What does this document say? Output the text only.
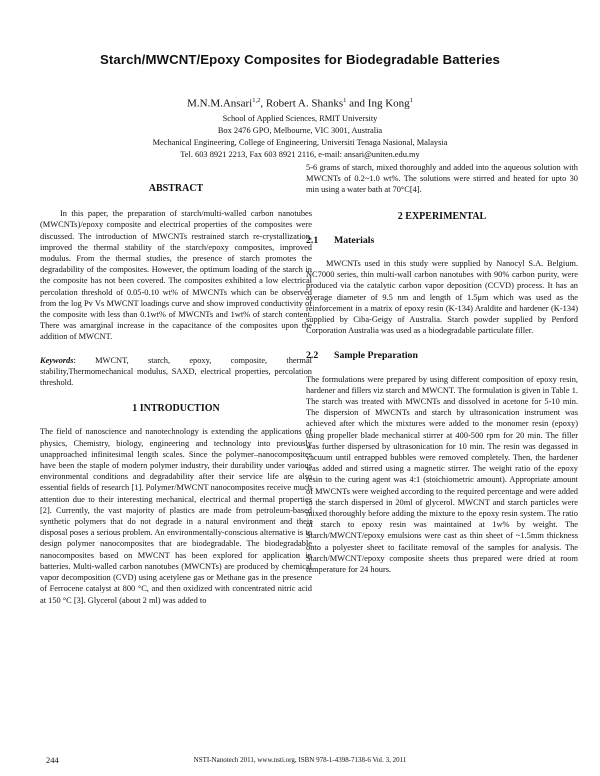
Starch/MWCNT/Epoxy Composites for Biodegradable Batteries
M.N.M.Ansari$^{1,2}$, Robert A. Shanks$^1$ and Ing Kong$^1$
School of Applied Sciences, RMIT University
Box 2476 GPO, Melbourne, VIC 3001, Australia
Mechanical Engineering, College of Engineering, Universiti Tenaga Nasional, Malaysia
Tel. 603 8921 2213, Fax 603 8921 2116, e-mail: ansari@uniten.edu.my

ABSTRACT

In this paper, the preparation of starch/multi-walled carbon nanotubes (MWCNTs)/epoxy composite and electrical properties of the composites were discussed. The introduction of MWCNTs restrained starch re-crystallization, improved the thermal stability of the starch/epoxy composites, improved modulus. From the thermal studies, the presence of starch promotes the degradability of the composites. However, the optimum loading of the starch in the composite has not been covered. The composites exhibited a low electrical percolation threshold of 0.05-0.10 wt% of MWCNTs which can be observed from the log Pv Vs MWCNT loadings curve and show improved conductivity of the composite with less than 0.1wt% of MWCNTs and 1wt% of starch content. There was amarginal increase in the capacitance of the composites upon the addition of MWCNT.

Keywords: MWCNT, starch, epoxy, composite, thermal stability,Thermomechanical modulus, SAXD, electrical properties, percolation threshold.

1 INTRODUCTION

The field of nanoscience and nanotechnology is extending the applications of physics, Chemistry, biology, engineering and technology into previously unapproached infinitesimal length scales. Since the polymer–nanocomposites have been the staple of modern polymer industry, their durability under various environmental conditions and degradability after their service life are also essential fields of research [1]. Polymer/MWCNT nanocomposites receive much attention due to their interesting mechanical, electrical and thermal properties [2]. Currently, the vast majority of plastics are made from petroleum-based synthetic polymers that do not degrade in a natural environment and their disposal poses a serious problem. An environmentally-conscious alternative is to design polymer nanocomposites that are biodegradable. The biodegradable nanocomposites based on MWCNT has been explored for application in batteries. Multi-walled carbon nanotubes (MWCNTs) are produced by chemical vapor decomposition (CVD) using acetylene gas or Methane gas in the presence of Ferrocene catalyst at 800 °C, and then oxidized with concentrated nitric acid at 150 °C [3]. Glycerol (about 2 ml) was added to

5-6 grams of starch, mixed thoroughly and added into the aqueous solution with MWCNTs of 0.2~1.0 wt%. The solutions were stirred and heated for upto 30 min using a water bath at 70°C[4].

2 EXPERIMENTAL

2.1 Materials

MWCNTs used in this study were supplied by Nanocyl S.A. Belgium. NC7000 series, thin multi-wall carbon nanotubes with 90% carbon purity, were produced via the catalytic carbon vapor deposition (CCVD) process. It has an average diameter of 9.5 nm and length of 1.5μm which was used as the reinforcement in a matrix of epoxy resin (K-134) Araldite and hardener (K-134) supplied by Ciba-Geigy of Australia. Starch powder supplied by Penford Corporation Australia was used as a biodegradable particulate filler.

2.2 Sample Preparation

The formulations were prepared by using different composition of epoxy resin, hardener and fillers viz starch and MWCNT. The formulation is given in Table 1. The starch was treated with MWCNTs and dissolved in acetone for 5-10 min. The dispersion of MWCNTs and starch by ultrasonication instrument was achieved after which the mixtures were added to the monomer resin (epoxy) using propeller blade mechanical stirrer at 400-500 rpm for 20 min. The filler was further dispersed by ultrasonication for 10 min. The resin was degassed in vacuum until entrapped bubbles were removed completely. Then, the hardener was added and stirred using a magnetic stirrer. The weight ratio of the epoxy resin to the curing agent was 4:1 (stoichiometric amount). Appropriate amount of MWCNTs were weighed according to the required percentage and were added to the starch dispersed in 20ml of glycerol. MWCNT and starch particles were mixed thoroughly before adding the mixture to the epoxy resin system. The ratio of starch to epoxy resin was maintained at 1w% by weight. The Starch/MWCNT/epoxy emulsions were cast as thin sheet of ~1.5mm thickness onto a polyester sheet to facilitate removal of the samples for analysis. The Starch/MWCNT/epoxy composite sheets thus prepared were dried at room temperature for 24 hours.

244	NSTI-Nanotech 2011, www.nsti.org, ISBN 978-1-4398-7138-6 Vol. 3, 2011
